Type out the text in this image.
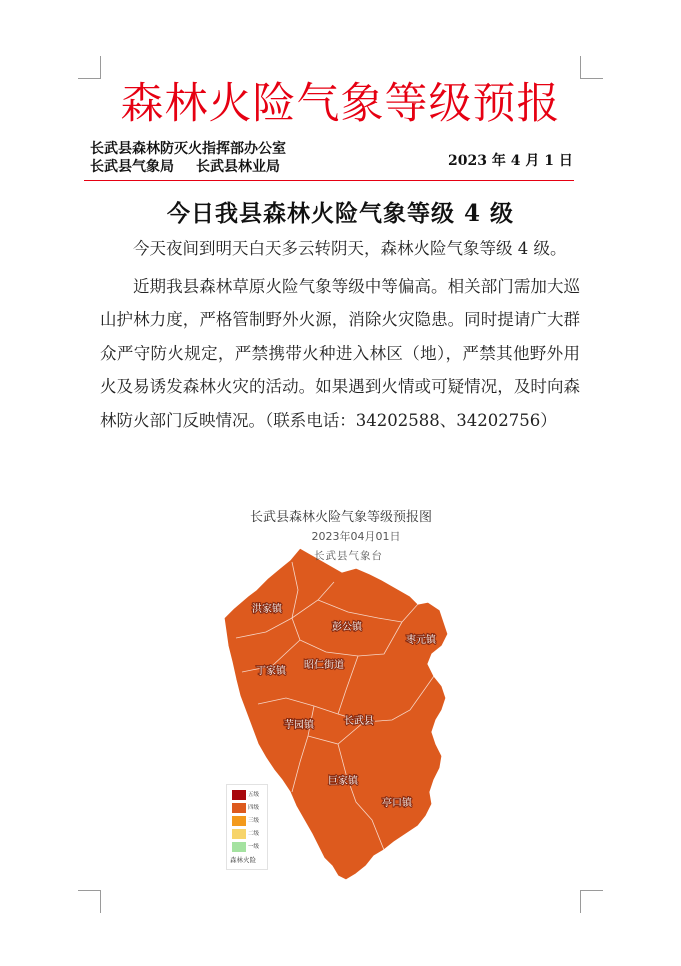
森林火险气象等级预报
长武县森林防灭火指挥部办公室
长武县气象局 长武县林业局	2023 年 4 月 1 日
今日我县森林火险气象等级 4 级

今天夜间到明天白天多云转阴天，森林火险气象等级 4 级。

近期我县森林草原火险气象等级中等偏高。相关部门需加大巡山护林力度，严格管制野外火源，消除火灾隐患。同时提请广大群众严守防火规定，严禁携带火种进入林区（地），严禁其他野外用火及易诱发森林火灾的活动。如果遇到火情或可疑情况，及时向森林防火部门反映情况。（联系电话：34202588、34202756）

洪家镇
彭公镇
枣元镇
丁家镇
昭仁街道
芋园镇	长武县
巨家镇
亭口镇
长武县森林火险气象等级预报图
2023年04月01日
长武县气象台
五级
四级
三级
二级
一级
森林火险
